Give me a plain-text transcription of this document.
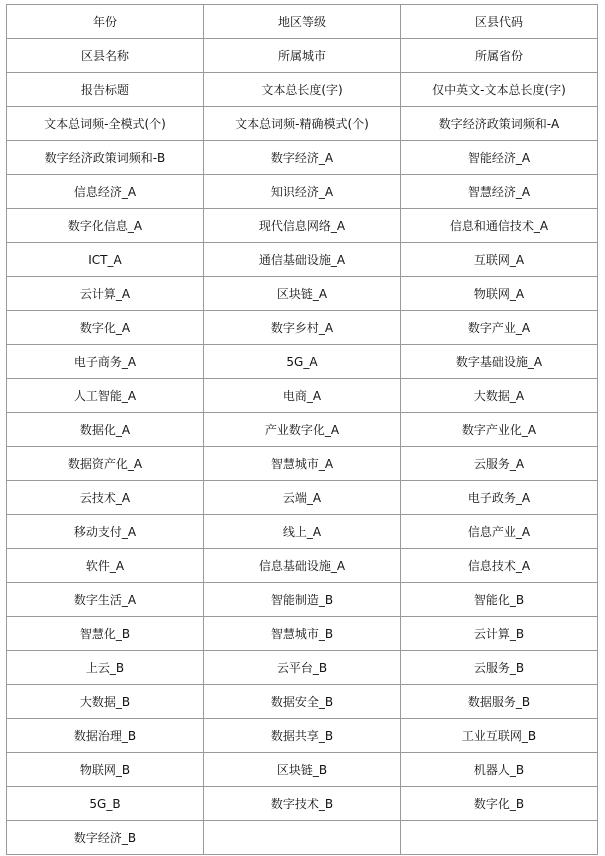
年份	地区等级	区县代码
区县名称	所属城市	所属省份
报告标题	文本总长度(字)	仅中英文-文本总长度(字)
文本总词频-全模式(个)	文本总词频-精确模式(个)	数字经济政策词频和-A
数字经济政策词频和-B	数字经济_A	智能经济_A
信息经济_A	知识经济_A	智慧经济_A
数字化信息_A	现代信息网络_A	信息和通信技术_A
ICT_A	通信基础设施_A	互联网_A
云计算_A	区块链_A	物联网_A
数字化_A	数字乡村_A	数字产业_A
电子商务_A	5G_A	数字基础设施_A
人工智能_A	电商_A	大数据_A
数据化_A	产业数字化_A	数字产业化_A
数据资产化_A	智慧城市_A	云服务_A
云技术_A	云端_A	电子政务_A
移动支付_A	线上_A	信息产业_A
软件_A	信息基础设施_A	信息技术_A
数字生活_A	智能制造_B	智能化_B
智慧化_B	智慧城市_B	云计算_B
上云_B	云平台_B	云服务_B
大数据_B	数据安全_B	数据服务_B
数据治理_B	数据共享_B	工业互联网_B
物联网_B	区块链_B	机器人_B
5G_B	数字技术_B	数字化_B
数字经济_B		
